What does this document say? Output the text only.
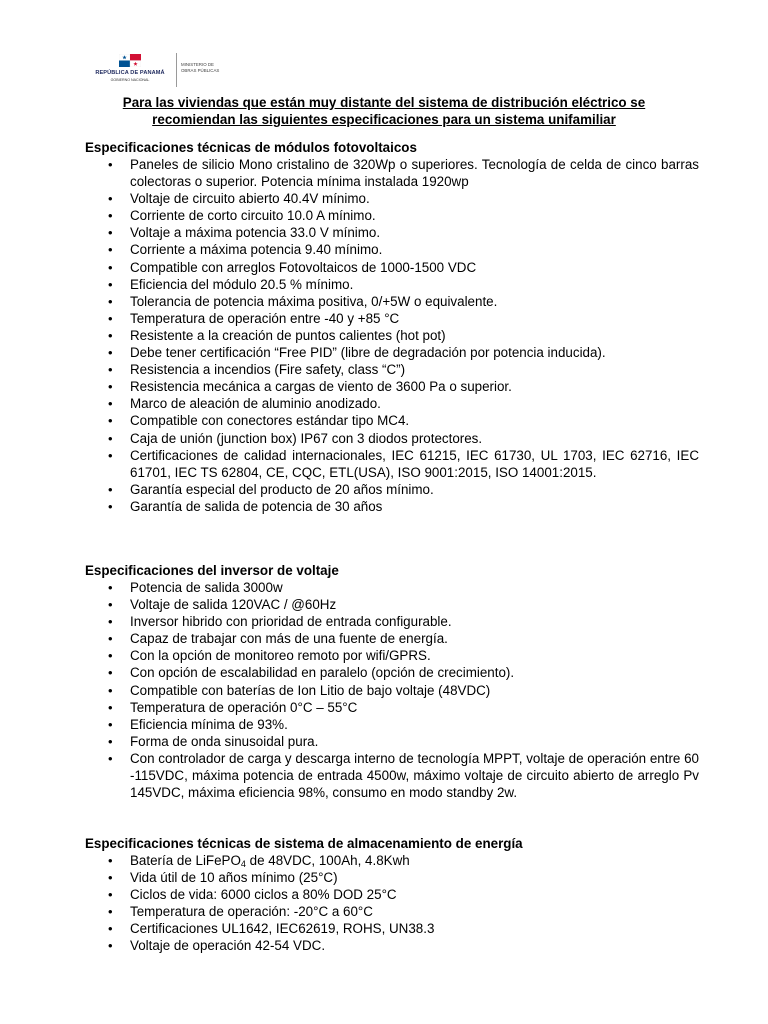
REPÚBLICA DE PANAMÁ
GOBIERNO NACIONAL
MINISTERIO DE
OBRAS PÚBLICAS
Para las viviendas que están muy distante del sistema de distribución eléctrico se
recomiendan las siguientes especificaciones para un sistema unifamiliar
Especificaciones técnicas de módulos fotovoltaicos
• Paneles de silicio Mono cristalino de 320Wp o superiores. Tecnología de celda de cinco barras colectoras o superior. Potencia mínima instalada 1920wp
• Voltaje de circuito abierto 40.4V mínimo.
• Corriente de corto circuito 10.0 A mínimo.
• Voltaje a máxima potencia 33.0 V mínimo.
• Corriente a máxima potencia 9.40 mínimo.
• Compatible con arreglos Fotovoltaicos de 1000-1500 VDC
• Eficiencia del módulo 20.5 % mínimo.
• Tolerancia de potencia máxima positiva, 0/+5W o equivalente.
• Temperatura de operación entre -40 y +85 °C
• Resistente a la creación de puntos calientes (hot pot)
• Debe tener certificación “Free PID” (libre de degradación por potencia inducida).
• Resistencia a incendios (Fire safety, class “C”)
• Resistencia mecánica a cargas de viento de 3600 Pa o superior.
• Marco de aleación de aluminio anodizado.
• Compatible con conectores estándar tipo MC4.
• Caja de unión (junction box) IP67 con 3 diodos protectores.
• Certificaciones de calidad internacionales, IEC 61215, IEC 61730, UL 1703, IEC 62716, IEC 61701, IEC TS 62804, CE, CQC, ETL(USA), ISO 9001:2015, ISO 14001:2015.
• Garantía especial del producto de 20 años mínimo.
• Garantía de salida de potencia de 30 años
Especificaciones del inversor de voltaje
• Potencia de salida 3000w
• Voltaje de salida 120VAC / @60Hz
• Inversor hibrido con prioridad de entrada configurable.
• Capaz de trabajar con más de una fuente de energía.
• Con la opción de monitoreo remoto por wifi/GPRS.
• Con opción de escalabilidad en paralelo (opción de crecimiento).
• Compatible con baterías de Ion Litio de bajo voltaje (48VDC)
• Temperatura de operación 0°C – 55°C
• Eficiencia mínima de 93%.
• Forma de onda sinusoidal pura.
• Con controlador de carga y descarga interno de tecnología MPPT, voltaje de operación entre 60 -115VDC, máxima potencia de entrada 4500w, máximo voltaje de circuito abierto de arreglo Pv 145VDC, máxima eficiencia 98%, consumo en modo standby 2w.
Especificaciones técnicas de sistema de almacenamiento de energía
• Batería de LiFePO$_4$ de 48VDC, 100Ah, 4.8Kwh
• Vida útil de 10 años mínimo (25°C)
• Ciclos de vida: 6000 ciclos a 80% DOD 25°C
• Temperatura de operación: -20°C a 60°C
• Certificaciones UL1642, IEC62619, ROHS, UN38.3
• Voltaje de operación 42-54 VDC.
